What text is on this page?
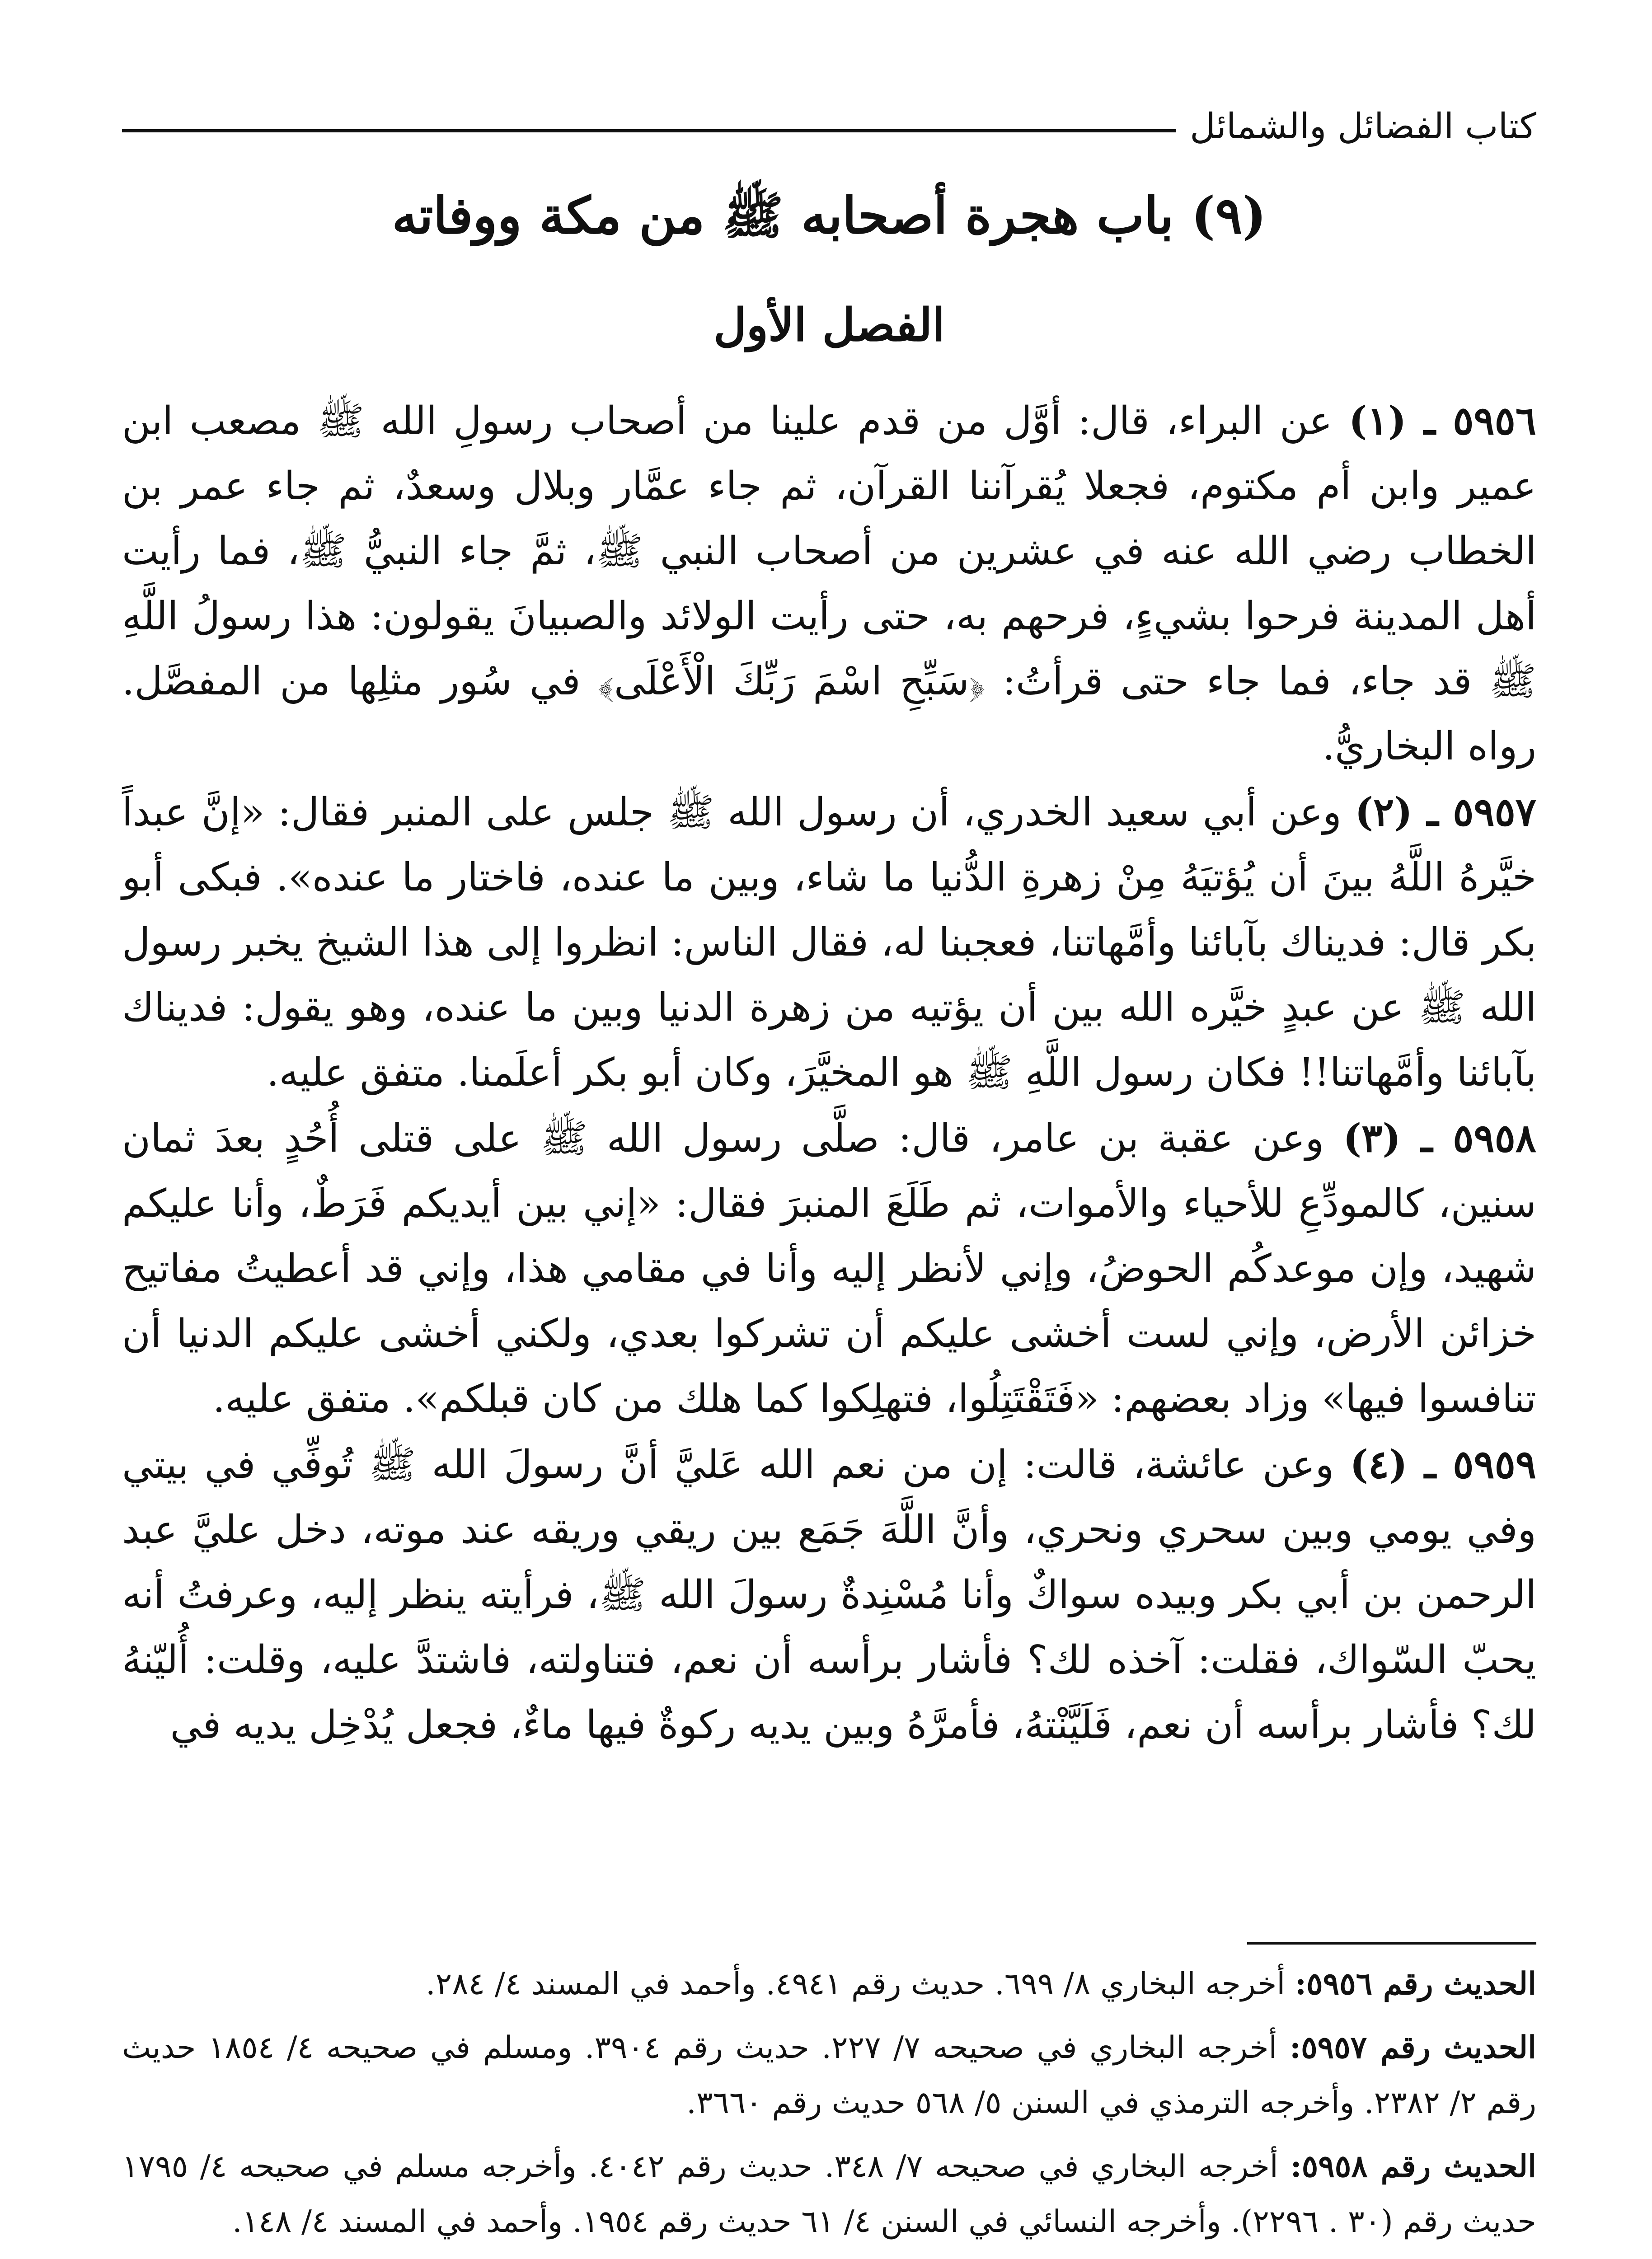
كتاب الفضائل والشمائل
(٩) باب هجرة أصحابه ﷺ من مكة ووفاته
الفصل الأول

٥٩٥٦ ـ (١) عن البراء، قال: أوَّل من قدم علينا من أصحاب رسولِ الله ﷺ مصعب ابن عمير وابن أم مكتوم، فجعلا يُقرآننا القرآن، ثم جاء عمَّار وبلال وسعدٌ، ثم جاء عمر بن الخطاب رضي الله عنه في عشرين من أصحاب النبي ﷺ، ثمَّ جاء النبيُّ ﷺ، فما رأيت أهل المدينة فرحوا بشيءٍ، فرحهم به، حتى رأيت الولائد والصبيانَ يقولون: هذا رسولُ اللَّهِ ﷺ قد جاء، فما جاء حتى قرأتُ: ﴿سَبِّحِ اسْمَ رَبِّكَ الْأَعْلَى﴾ في سُور مثلِها من المفصَّل. رواه البخاريُّ.

٥٩٥٧ ـ (٢) وعن أبي سعيد الخدري، أن رسول الله ﷺ جلس على المنبر فقال: «إنَّ عبداً خيَّرهُ اللَّهُ بينَ أن يُؤتيَهُ مِنْ زهرةِ الدُّنيا ما شاء، وبين ما عنده، فاختار ما عنده». فبكى أبو بكر قال: فديناك بآبائنا وأمَّهاتنا، فعجبنا له، فقال الناس: انظروا إلى هذا الشيخ يخبر رسول الله ﷺ عن عبدٍ خيَّره الله بين أن يؤتيه من زهرة الدنيا وبين ما عنده، وهو يقول: فديناك بآبائنا وأمَّهاتنا!! فكان رسول اللَّهِ ﷺ هو المخيَّرَ، وكان أبو بكر أعلَمنا. متفق عليه.

٥٩٥٨ ـ (٣) وعن عقبة بن عامر، قال: صلَّى رسول الله ﷺ على قتلى أُحُدٍ بعدَ ثمان سنين، كالمودِّعِ للأحياء والأموات، ثم طَلَعَ المنبرَ فقال: «إني بين أيديكم فَرَطٌ، وأنا عليكم شهيد، وإن موعدكُم الحوضُ، وإني لأنظر إليه وأنا في مقامي هذا، وإني قد أعطيتُ مفاتيح خزائن الأرض، وإني لست أخشى عليكم أن تشركوا بعدي، ولكني أخشى عليكم الدنيا أن تنافسوا فيها» وزاد بعضهم: «فَتَقْتَتِلُوا، فتهلِكوا كما هلك من كان قبلكم». متفق عليه.

٥٩٥٩ ـ (٤) وعن عائشة، قالت: إن من نعم الله عَليَّ أنَّ رسولَ الله ﷺ تُوفِّي في بيتي وفي يومي وبين سحري ونحري، وأنَّ اللَّهَ جَمَع بين ريقي وريقه عند موته، دخل عليَّ عبد الرحمن بن أبي بكر وبيده سواكٌ وأنا مُسْنِدةٌ رسولَ الله ﷺ، فرأيته ينظر إليه، وعرفتُ أنه يحبّ السّواك، فقلت: آخذه لك؟ فأشار برأسه أن نعم، فتناولته، فاشتدَّ عليه، وقلت: أُليّنهُ لك؟ فأشار برأسه أن نعم، فَلَيَّنْتهُ، فأمرَّهُ وبين يديه ركوةٌ فيها ماءٌ، فجعل يُدْخِل يديه في

الحديث رقم ٥٩٥٦: أخرجه البخاري ٨/ ٦٩٩. حديث رقم ٤٩٤١. وأحمد في المسند ٤/ ٢٨٤.

الحديث رقم ٥٩٥٧: أخرجه البخاري في صحيحه ٧/ ٢٢٧. حديث رقم ٣٩٠٤. ومسلم في صحيحه ٤/ ١٨٥٤ حديث رقم ٢/ ٢٣٨٢. وأخرجه الترمذي في السنن ٥/ ٥٦٨ حديث رقم ٣٦٦٠.

الحديث رقم ٥٩٥٨: أخرجه البخاري في صحيحه ٧/ ٣٤٨. حديث رقم ٤٠٤٢. وأخرجه مسلم في صحيحه ٤/ ١٧٩٥ حديث رقم (٣٠ . ٢٢٩٦). وأخرجه النسائي في السنن ٤/ ٦١ حديث رقم ١٩٥٤. وأحمد في المسند ٤/ ١٤٨.
